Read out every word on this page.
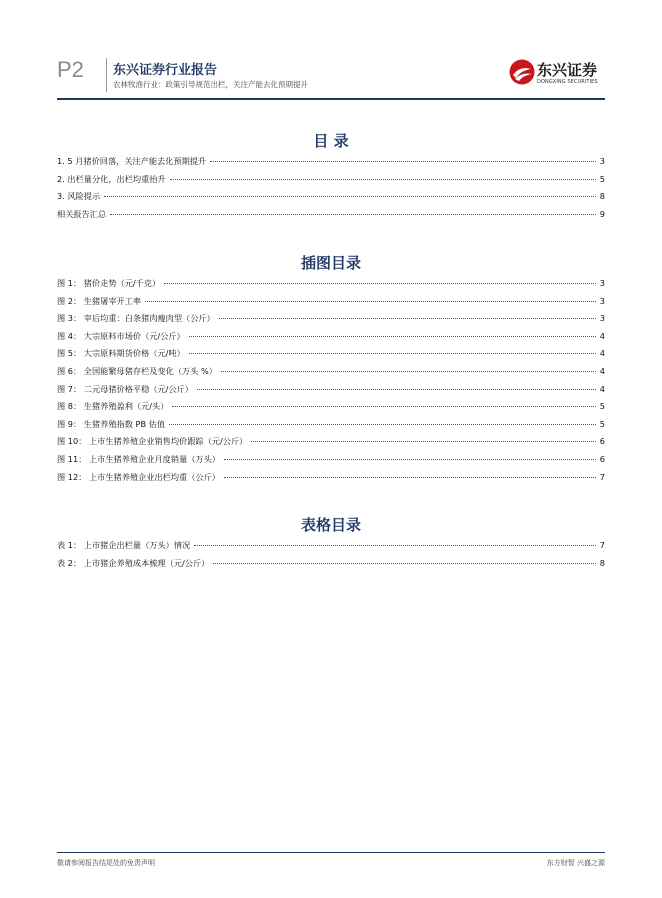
P2 东兴证券行业报告
农林牧渔行业：政策引导规范出栏，关注产能去化预期提升
东兴证券
DONGXING SECURITIES
目 录
1. 5 月猪价回落，关注产能去化预期提升	3
2. 出栏量分化，出栏均重抬升	5
3. 风险提示	8
相关报告汇总	9
插图目录
图 1： 猪价走势（元/千克）	3
图 2： 生猪屠宰开工率	3
图 3： 宰后均重：白条猪肉瘦肉型（公斤）	3
图 4： 大宗原料市场价（元/公斤）	4
图 5： 大宗原料期货价格（元/吨）	4
图 6： 全国能繁母猪存栏及变化（万头 %）	4
图 7： 二元母猪价格平稳（元/公斤）	4
图 8： 生猪养殖盈利（元/头）	5
图 9： 生猪养殖指数 PB 估值	5
图 10： 上市生猪养殖企业销售均价跟踪（元/公斤）	6
图 11： 上市生猪养殖企业月度销量（万头）	6
图 12： 上市生猪养殖企业出栏均重（公斤）	7
表格目录
表 1： 上市猪企出栏量（万头）情况	7
表 2： 上市猪企养殖成本梳理（元/公斤）	8
敬请参阅报告结尾处的免责声明	东方财智 兴盛之源
